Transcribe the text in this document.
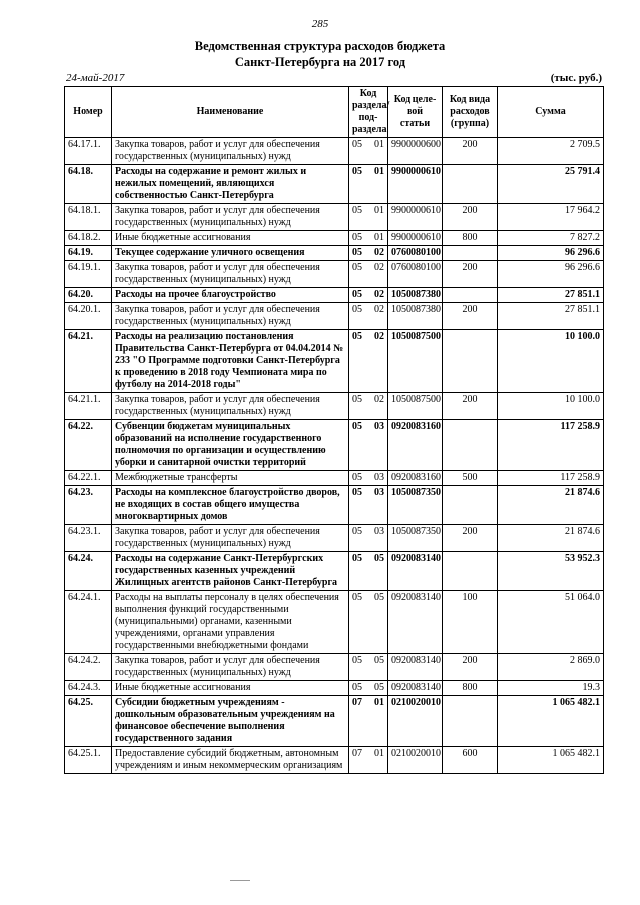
285
Ведомственная структура расходов бюджета
Санкт-Петербурга на 2017 год
24-май-2017	(тыс. руб.)
Номер	Наименование	Код раздела/ под-раздела	Код целе-вой статьи	Код вида расходов (группа)	Сумма
64.17.1.	Закупка товаров, работ и услуг для обеспечения государственных (муниципальных) нужд	05 01	9900000600	200	2 709.5
64.18.	Расходы на содержание и ремонт жилых и нежилых помещений, являющихся собственностью Санкт-Петербурга	05 01	9900000610		25 791.4
64.18.1.	Закупка товаров, работ и услуг для обеспечения государственных (муниципальных) нужд	05 01	9900000610	200	17 964.2
64.18.2.	Иные бюджетные ассигнования	05 01	9900000610	800	7 827.2
64.19.	Текущее содержание уличного освещения	05 02	0760080100		96 296.6
64.19.1.	Закупка товаров, работ и услуг для обеспечения государственных (муниципальных) нужд	05 02	0760080100	200	96 296.6
64.20.	Расходы на прочее благоустройство	05 02	1050087380		27 851.1
64.20.1.	Закупка товаров, работ и услуг для обеспечения государственных (муниципальных) нужд	05 02	1050087380	200	27 851.1
64.21.	Расходы на реализацию постановления Правительства Санкт-Петербурга от 04.04.2014 № 233 "О Программе подготовки Санкт-Петербурга к проведению в 2018 году Чемпионата мира по футболу на 2014-2018 годы"	05 02	1050087500		10 100.0
64.21.1.	Закупка товаров, работ и услуг для обеспечения государственных (муниципальных) нужд	05 02	1050087500	200	10 100.0
64.22.	Субвенции бюджетам муниципальных образований на исполнение государственного полномочия по организации и осуществлению уборки и санитарной очистки территорий	05 03	0920083160		117 258.9
64.22.1.	Межбюджетные трансферты	05 03	0920083160	500	117 258.9
64.23.	Расходы на комплексное благоустройство дворов, не входящих в состав общего имущества многоквартирных домов	05 03	1050087350		21 874.6
64.23.1.	Закупка товаров, работ и услуг для обеспечения государственных (муниципальных) нужд	05 03	1050087350	200	21 874.6
64.24.	Расходы на содержание Санкт-Петербургских государственных казенных учреждений Жилищных агентств районов Санкт-Петербурга	05 05	0920083140		53 952.3
64.24.1.	Расходы на выплаты персоналу в целях обеспечения выполнения функций государственными (муниципальными) органами, казенными учреждениями, органами управления государственными внебюджетными фондами	05 05	0920083140	100	51 064.0
64.24.2.	Закупка товаров, работ и услуг для обеспечения государственных (муниципальных) нужд	05 05	0920083140	200	2 869.0
64.24.3.	Иные бюджетные ассигнования	05 05	0920083140	800	19.3
64.25.	Субсидии бюджетным учреждениям - дошкольным образовательным учреждениям на финансовое обеспечение выполнения государственного задания	07 01	0210020010		1 065 482.1
64.25.1.	Предоставление субсидий бюджетным, автономным учреждениям и иным некоммерческим организациям	07 01	0210020010	600	1 065 482.1
